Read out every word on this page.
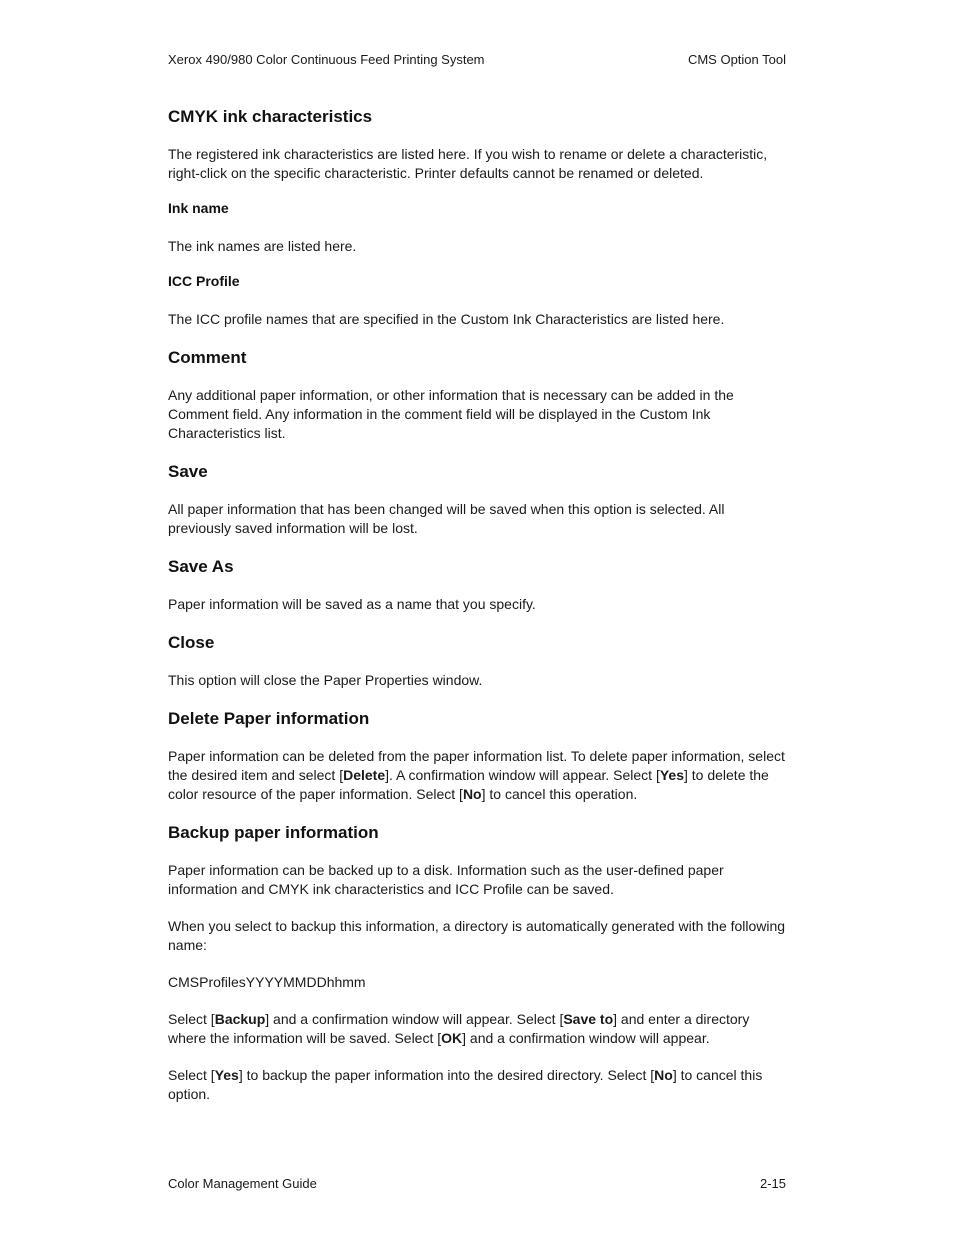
Xerox 490/980 Color Continuous Feed Printing System	CMS Option Tool
CMYK ink characteristics

The registered ink characteristics are listed here. If you wish to rename or delete a characteristic, right-click on the specific characteristic. Printer defaults cannot be renamed or deleted.

Ink name

The ink names are listed here.

ICC Profile

The ICC profile names that are specified in the Custom Ink Characteristics are listed here.

Comment

Any additional paper information, or other information that is necessary can be added in the Comment field. Any information in the comment field will be displayed in the Custom Ink Characteristics list.

Save

All paper information that has been changed will be saved when this option is selected. All previously saved information will be lost.

Save As

Paper information will be saved as a name that you specify.

Close

This option will close the Paper Properties window.

Delete Paper information

Paper information can be deleted from the paper information list. To delete paper information, select the desired item and select [Delete]. A confirmation window will appear. Select [Yes] to delete the color resource of the paper information. Select [No] to cancel this operation.

Backup paper information

Paper information can be backed up to a disk. Information such as the user-defined paper information and CMYK ink characteristics and ICC Profile can be saved.

When you select to backup this information, a directory is automatically generated with the following name:

CMSProfilesYYYYMMDDhhmm

Select [Backup] and a confirmation window will appear. Select [Save to] and enter a directory where the information will be saved. Select [OK] and a confirmation window will appear.

Select [Yes] to backup the paper information into the desired directory. Select [No] to cancel this option.

Color Management Guide	2-15
